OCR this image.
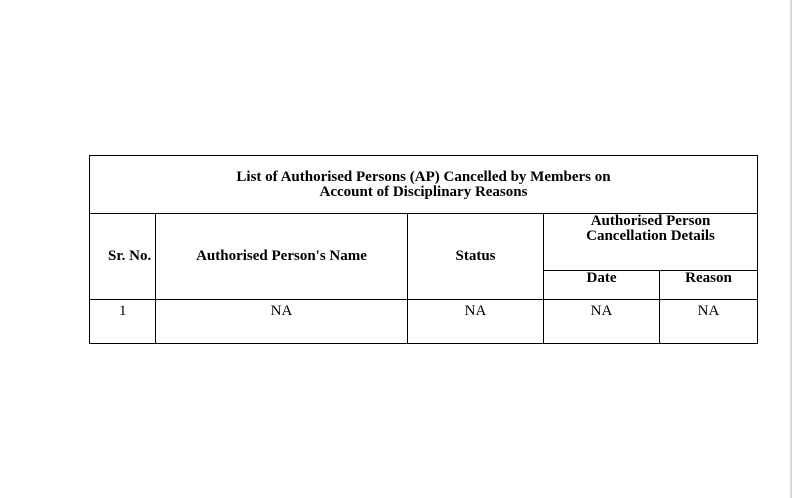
List of Authorised Persons (AP) Cancelled by Members on
Account of Disciplinary Reasons				

Sr. No.	Authorised Person's Name	Status	Authorised Person
Cancellation Details	

			Date	Reason
1	NA	NA	NA	NA
